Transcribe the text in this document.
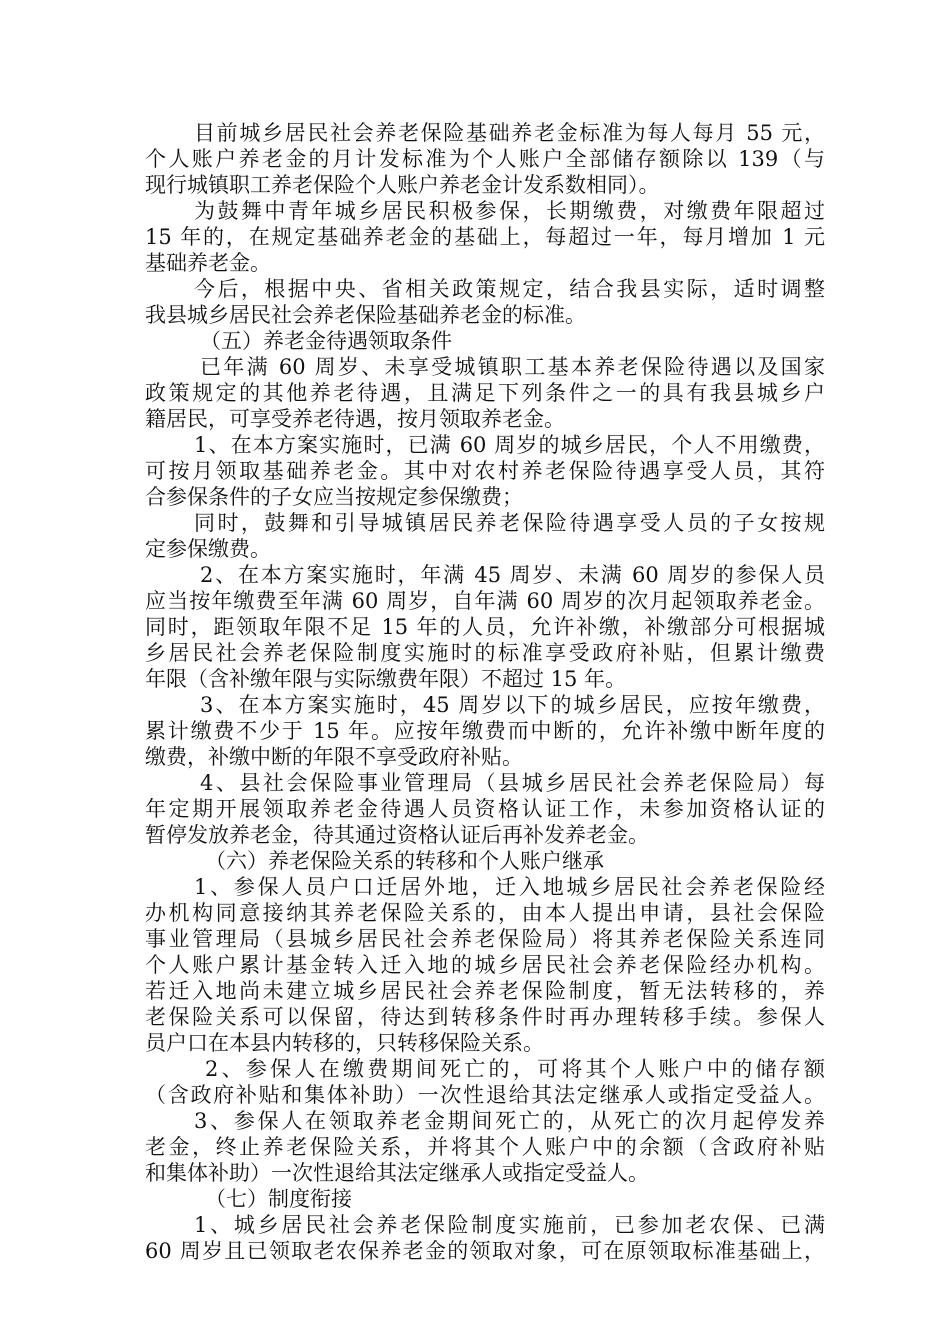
目前城乡居民社会养老保险基础养老金标准为每人每月 55 元，
个人账户养老金的月计发标准为个人账户全部储存额除以 139（与
现行城镇职工养老保险个人账户养老金计发系数相同）。
为鼓舞中青年城乡居民积极参保，长期缴费，对缴费年限超过
15 年的，在规定基础养老金的基础上，每超过一年，每月增加 1 元
基础养老金。
今后，根据中央、省相关政策规定，结合我县实际，适时调整
我县城乡居民社会养老保险基础养老金的标准。
（五）养老金待遇领取条件
已年满 60 周岁、未享受城镇职工基本养老保险待遇以及国家
政策规定的其他养老待遇，且满足下列条件之一的具有我县城乡户
籍居民，可享受养老待遇，按月领取养老金。
1、在本方案实施时，已满 60 周岁的城乡居民，个人不用缴费，
可按月领取基础养老金。其中对农村养老保险待遇享受人员，其符
合参保条件的子女应当按规定参保缴费；
同时，鼓舞和引导城镇居民养老保险待遇享受人员的子女按规
定参保缴费。
2、在本方案实施时，年满 45 周岁、未满 60 周岁的参保人员
应当按年缴费至年满 60 周岁，自年满 60 周岁的次月起领取养老金。
同时，距领取年限不足 15 年的人员，允许补缴，补缴部分可根据城
乡居民社会养老保险制度实施时的标准享受政府补贴，但累计缴费
年限（含补缴年限与实际缴费年限）不超过 15 年。
3、在本方案实施时，45 周岁以下的城乡居民，应按年缴费，
累计缴费不少于 15 年。应按年缴费而中断的，允许补缴中断年度的
缴费，补缴中断的年限不享受政府补贴。
4、县社会保险事业管理局（县城乡居民社会养老保险局）每
年定期开展领取养老金待遇人员资格认证工作，未参加资格认证的
暂停发放养老金，待其通过资格认证后再补发养老金。
（六）养老保险关系的转移和个人账户继承
1、参保人员户口迁居外地，迁入地城乡居民社会养老保险经
办机构同意接纳其养老保险关系的，由本人提出申请，县社会保险
事业管理局（县城乡居民社会养老保险局）将其养老保险关系连同
个人账户累计基金转入迁入地的城乡居民社会养老保险经办机构。
若迁入地尚未建立城乡居民社会养老保险制度，暂无法转移的，养
老保险关系可以保留，待达到转移条件时再办理转移手续。参保人
员户口在本县内转移的，只转移保险关系。
2、参保人在缴费期间死亡的，可将其个人账户中的储存额
（含政府补贴和集体补助）一次性退给其法定继承人或指定受益人。
3、参保人在领取养老金期间死亡的，从死亡的次月起停发养
老金，终止养老保险关系，并将其个人账户中的余额（含政府补贴
和集体补助）一次性退给其法定继承人或指定受益人。
（七）制度衔接
1、城乡居民社会养老保险制度实施前，已参加老农保、已满
60 周岁且已领取老农保养老金的领取对象，可在原领取标准基础上，
